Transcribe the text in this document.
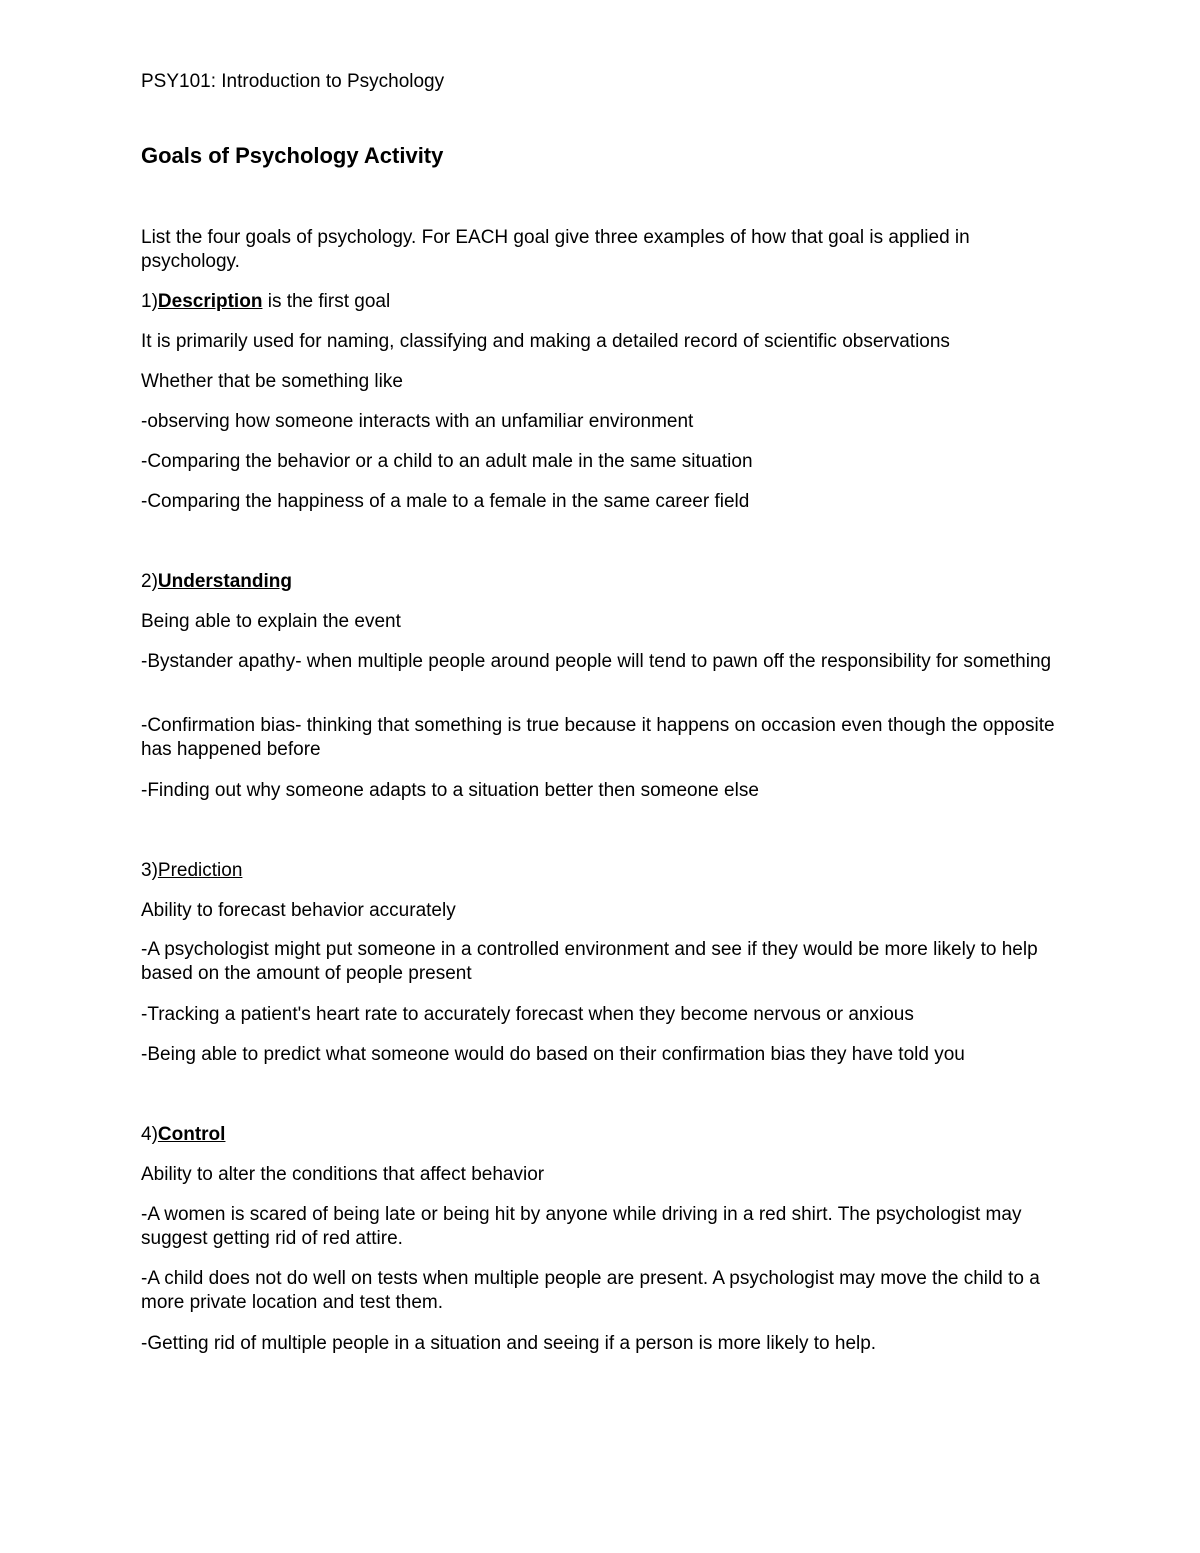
PSY101: Introduction to Psychology
Goals of Psychology Activity

List the four goals of psychology. For EACH goal give three examples of how that goal is applied in psychology.

1)Description is the first goal

It is primarily used for naming, classifying and making a detailed record of scientific observations

Whether that be something like

-observing how someone interacts with an unfamiliar environment

-Comparing the behavior or a child to an adult male in the same situation

-Comparing the happiness of a male to a female in the same career field

2)Understanding

Being able to explain the event

-Bystander apathy- when multiple people around people will tend to pawn off the responsibility for something

-Confirmation bias- thinking that something is true because it happens on occasion even though the opposite has happened before

-Finding out why someone adapts to a situation better then someone else

3)Prediction

Ability to forecast behavior accurately

-A psychologist might put someone in a controlled environment and see if they would be more likely to help based on the amount of people present

-Tracking a patient's heart rate to accurately forecast when they become nervous or anxious

-Being able to predict what someone would do based on their confirmation bias they have told you

4)Control

Ability to alter the conditions that affect behavior

-A women is scared of being late or being hit by anyone while driving in a red shirt. The psychologist may suggest getting rid of red attire.

-A child does not do well on tests when multiple people are present. A psychologist may move the child to a more private location and test them.

-Getting rid of multiple people in a situation and seeing if a person is more likely to help.
